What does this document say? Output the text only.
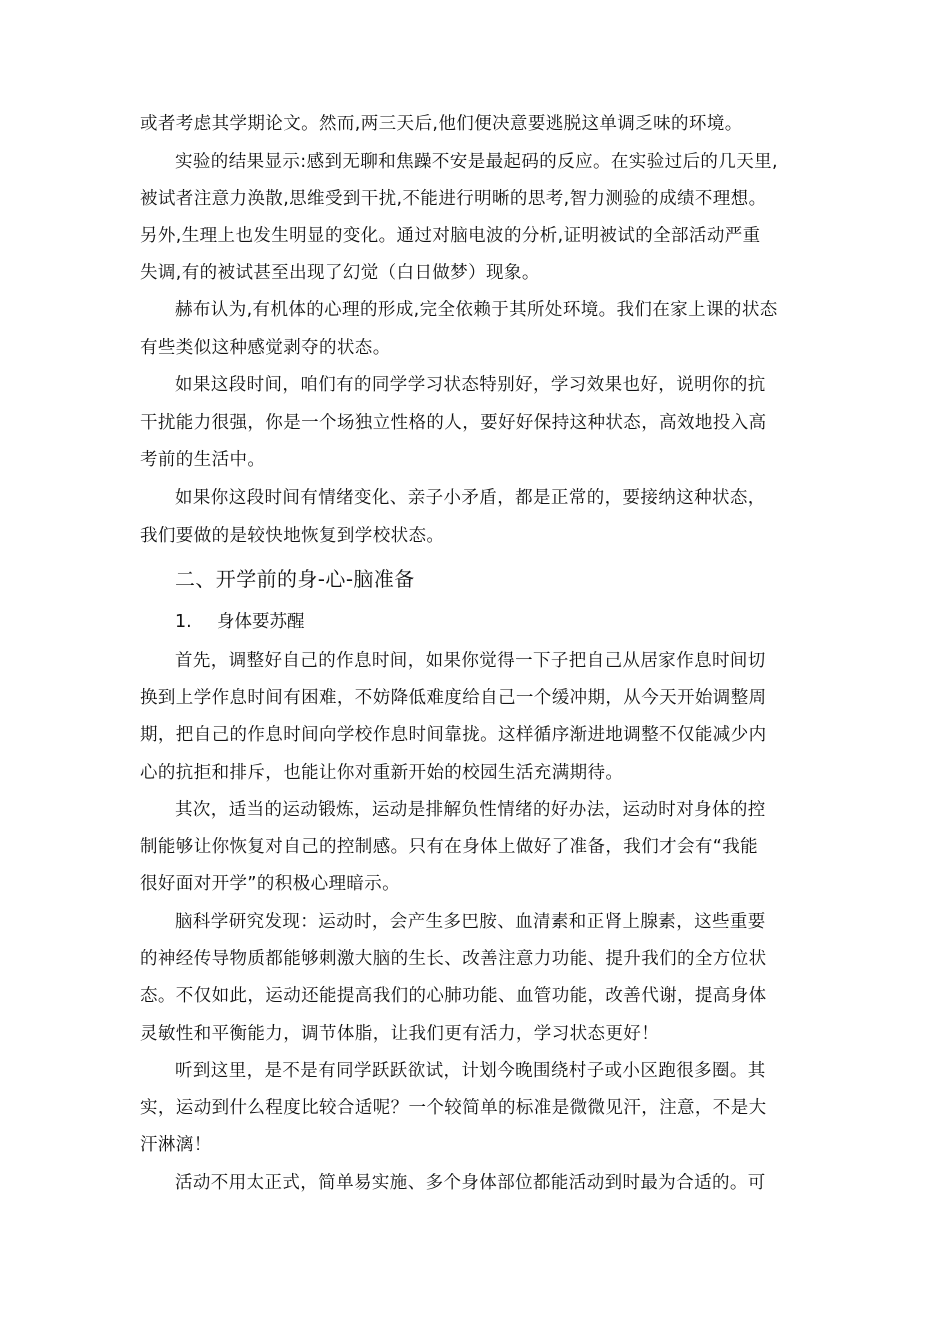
或者考虑其学期论文。然而,两三天后,他们便决意要逃脱这单调乏味的环境。
实验的结果显示:感到无聊和焦躁不安是最起码的反应。在实验过后的几天里,
被试者注意力涣散,思维受到干扰,不能进行明晰的思考,智力测验的成绩不理想。
另外,生理上也发生明显的变化。通过对脑电波的分析,证明被试的全部活动严重
失调,有的被试甚至出现了幻觉（白日做梦）现象。
赫布认为,有机体的心理的形成,完全依赖于其所处环境。我们在家上课的状态
有些类似这种感觉剥夺的状态。
如果这段时间，咱们有的同学学习状态特别好，学习效果也好，说明你的抗
干扰能力很强，你是一个场独立性格的人，要好好保持这种状态，高效地投入高
考前的生活中。
如果你这段时间有情绪变化、亲子小矛盾，都是正常的，要接纳这种状态，
我们要做的是较快地恢复到学校状态。
二、开学前的身-心-脑准备
1. 身体要苏醒
首先，调整好自己的作息时间，如果你觉得一下子把自己从居家作息时间切
换到上学作息时间有困难，不妨降低难度给自己一个缓冲期，从今天开始调整周
期，把自己的作息时间向学校作息时间靠拢。这样循序渐进地调整不仅能减少内
心的抗拒和排斥，也能让你对重新开始的校园生活充满期待。
其次，适当的运动锻炼，运动是排解负性情绪的好办法，运动时对身体的控
制能够让你恢复对自己的控制感。只有在身体上做好了准备，我们才会有“我能
很好面对开学”的积极心理暗示。
脑科学研究发现：运动时，会产生多巴胺、血清素和正肾上腺素，这些重要
的神经传导物质都能够刺激大脑的生长、改善注意力功能、提升我们的全方位状
态。不仅如此，运动还能提高我们的心肺功能、血管功能，改善代谢，提高身体
灵敏性和平衡能力，调节体脂，让我们更有活力，学习状态更好！
听到这里，是不是有同学跃跃欲试，计划今晚围绕村子或小区跑很多圈。其
实，运动到什么程度比较合适呢？一个较简单的标准是微微见汗，注意，不是大
汗淋漓！
活动不用太正式，简单易实施、多个身体部位都能活动到时最为合适的。可
